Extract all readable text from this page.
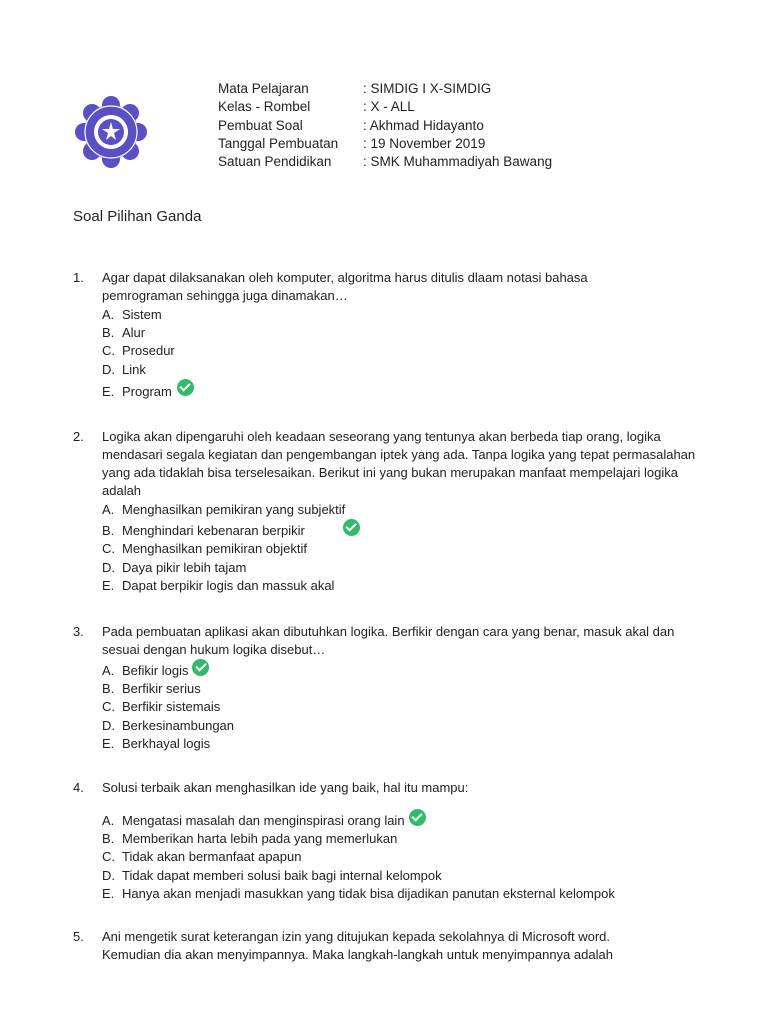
Mata Pelajaran	: SIMDIG I X-SIMDIG
Kelas - Rombel	: X - ALL
Pembuat Soal	: Akhmad Hidayanto
Tanggal Pembuatan	: 19 November 2019
Satuan Pendidikan	: SMK Muhammadiyah Bawang
Soal Pilihan Ganda
1. Agar dapat dilaksanakan oleh komputer, algoritma harus ditulis dlaam notasi bahasa pemrograman sehingga juga dinamakan…
A. Sistem
B. Alur
C. Prosedur
D. Link
E. Program
2. Logika akan dipengaruhi oleh keadaan seseorang yang tentunya akan berbeda tiap orang, logika mendasari segala kegiatan dan pengembangan iptek yang ada. Tanpa logika yang tepat permasalahan yang ada tidaklah bisa terselesaikan. Berikut ini yang bukan merupakan manfaat mempelajari logika adalah
A. Menghasilkan pemikiran yang subjektif
B. Menghindari kebenaran berpikir
C. Menghasilkan pemikiran objektif
D. Daya pikir lebih tajam
E. Dapat berpikir logis dan massuk akal
3. Pada pembuatan aplikasi akan dibutuhkan logika. Berfikir dengan cara yang benar, masuk akal dan sesuai dengan hukum logika disebut…
A. Befikir logis
B. Berfikir serius
C. Berfikir sistemais
D. Berkesinambungan
E. Berkhayal logis
4. Solusi terbaik akan menghasilkan ide yang baik, hal itu mampu:
A. Mengatasi masalah dan menginspirasi orang lain
B. Memberikan harta lebih pada yang memerlukan
C. Tidak akan bermanfaat apapun
D. Tidak dapat memberi solusi baik bagi internal kelompok
E. Hanya akan menjadi masukkan yang tidak bisa dijadikan panutan eksternal kelompok
5. Ani mengetik surat keterangan izin yang ditujukan kepada sekolahnya di Microsoft word. Kemudian dia akan menyimpannya. Maka langkah-langkah untuk menyimpannya adalah
